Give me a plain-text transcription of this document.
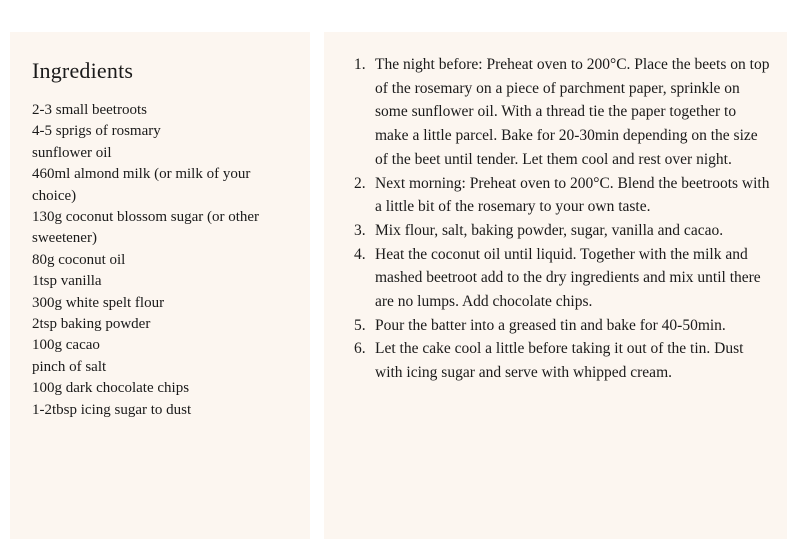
Ingredients
2-3 small beetroots
4-5 sprigs of rosmary
sunflower oil
460ml almond milk (or milk of your choice)
130g coconut blossom sugar (or other sweetener)
80g coconut oil
1tsp vanilla
300g white spelt flour
2tsp baking powder
100g cacao
pinch of salt
100g dark chocolate chips
1-2tbsp icing sugar to dust
1. The night before: Preheat oven to 200°C. Place the beets on top of the rosemary on a piece of parchment paper, sprinkle on some sunflower oil. With a thread tie the paper together to make a little parcel. Bake for 20-30min depending on the size of the beet until tender. Let them cool and rest over night.
2. Next morning: Preheat oven to 200°C. Blend the beetroots with a little bit of the rosemary to your own taste.
3. Mix flour, salt, baking powder, sugar, vanilla and cacao.
4. Heat the coconut oil until liquid. Together with the milk and mashed beetroot add to the dry ingredients and mix until there are no lumps. Add chocolate chips.
5. Pour the batter into a greased tin and bake for 40-50min.
6. Let the cake cool a little before taking it out of the tin. Dust with icing sugar and serve with whipped cream.
